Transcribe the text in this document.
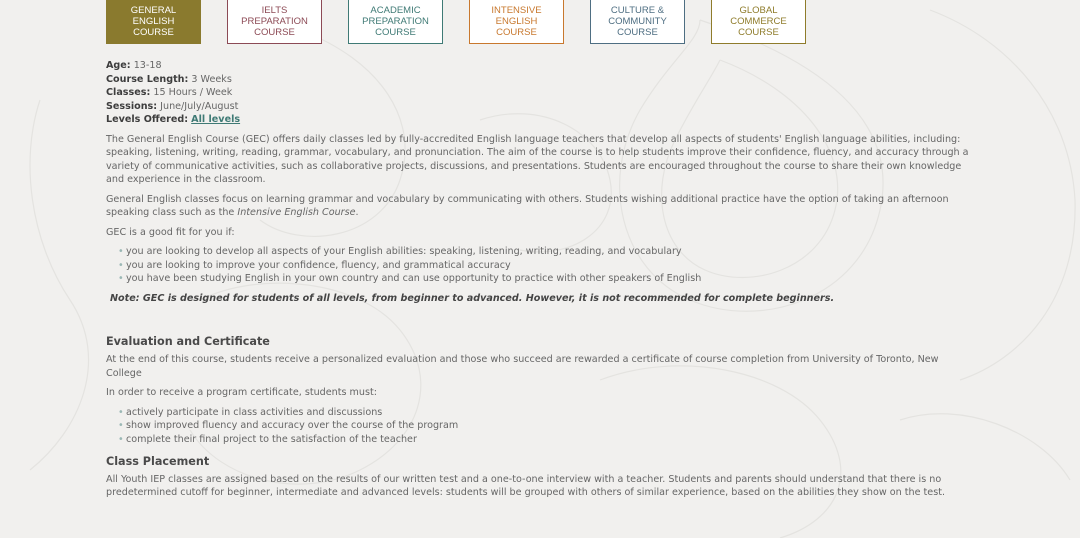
GENERAL
ENGLISH
COURSE
IELTS
PREPARATION
COURSE
ACADEMIC
PREPARATION
COURSE
INTENSIVE
ENGLISH
COURSE
CULTURE &
COMMUNITY
COURSE
GLOBAL
COMMERCE
COURSE
Age: 13-18
Course Length: 3 Weeks
Classes: 15 Hours / Week
Sessions: June/July/August
Levels Offered: All levels

The General English Course (GEC) offers daily classes led by fully-accredited English language teachers that develop all aspects of students' English language abilities, including: speaking, listening, writing, reading, grammar, vocabulary, and pronunciation. The aim of the course is to help students improve their confidence, fluency, and accuracy through a variety of communicative activities, such as collaborative projects, discussions, and presentations. Students are encouraged throughout the course to share their own knowledge and experience in the classroom.

General English classes focus on learning grammar and vocabulary by communicating with others. Students wishing additional practice have the option of taking an afternoon speaking class such as the Intensive English Course.

GEC is a good fit for you if:

• you are looking to develop all aspects of your English abilities: speaking, listening, writing, reading, and vocabulary
• you are looking to improve your confidence, fluency, and grammatical accuracy
• you have been studying English in your own country and can use opportunity to practice with other speakers of English

Note: GEC is designed for students of all levels, from beginner to advanced. However, it is not recommended for complete beginners.

Evaluation and Certificate

At the end of this course, students receive a personalized evaluation and those who succeed are rewarded a certificate of course completion from University of Toronto, New College

In order to receive a program certificate, students must:

• actively participate in class activities and discussions
• show improved fluency and accuracy over the course of the program
• complete their final project to the satisfaction of the teacher
Class Placement

All Youth IEP classes are assigned based on the results of our written test and a one-to-one interview with a teacher. Students and parents should understand that there is no predetermined cutoff for beginner, intermediate and advanced levels: students will be grouped with others of similar experience, based on the abilities they show on the test.
